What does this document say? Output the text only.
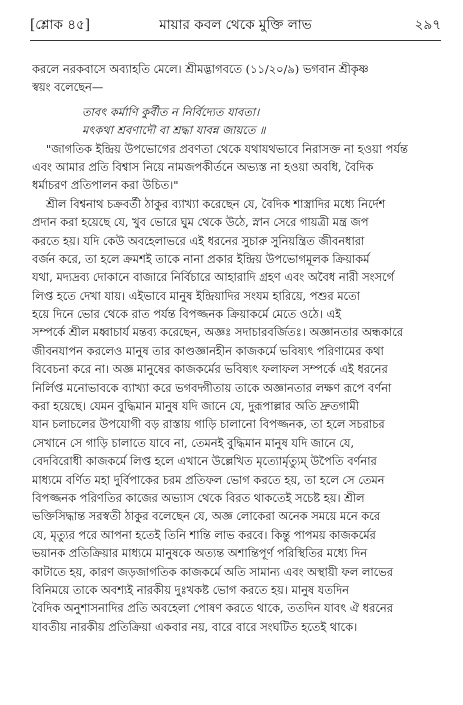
মায়ার কবল থেকে মুক্তি লাভ
[শ্লোক ৪৫]	২৯৭
করলে নরকবাসে অব্যাহতি মেলে। শ্রীমদ্ভাগবতে (১১/২০/৯) ভগবান শ্রীকৃষ্ণ
স্বয়ং বলেছেন—
তাবৎ কর্মাণি কুর্বীত ন নির্বিদ্যেত যাবতা।
মৎকথা শ্রবণাদৌ বা শ্রদ্ধা যাবন্ন জায়তে ॥
"জাগতিক ইন্দ্রিয় উপভোগের প্রবণতা থেকে যথাযথভাবে নিরাসক্ত না হওয়া পর্যন্ত
এবং আমার প্রতি বিশ্বাস নিয়ে নামজপকীর্তনে অভ্যস্ত না হওয়া অবধি, বৈদিক
ধর্মাচরণ প্রতিপালন করা উচিত।"
শ্রীল বিশ্বনাথ চক্রবর্তী ঠাকুর ব্যাখ্যা করেছেন যে, বৈদিক শাস্ত্রাদির মধ্যে নির্দেশ
প্রদান করা হয়েছে যে, খুব ভোরে ঘুম থেকে উঠে, স্নান সেরে গায়ত্রী মন্ত্র জপ
করতে হয়। যদি কেউ অবহেলাভরে এই ধরনের সুচারু সুনিয়ন্ত্রিত জীবনধারা
বর্জন করে, তা হলে ক্রমশই তাকে নানা প্রকার ইন্দ্রিয় উপভোগমূলক ক্রিয়াকর্ম
যথা, মদ্যদ্রব্য দোকানে বাজারে নির্বিচারে আহারাদি গ্রহণ এবং অবৈধ নারী সংসর্গে
লিপ্ত হতে দেখা যায়। এইভাবে মানুষ ইন্দ্রিয়াদির সংযম হারিয়ে, পশুর মতো
হয়ে দিনে ভোর থেকে রাত পর্যন্ত বিপজ্জনক ক্রিয়াকর্মে মেতে ওঠে। এই
সম্পর্কে শ্রীল মধ্বাচার্য মন্তব্য করেছেন, অজ্ঞঃ সদাচারবর্জিতঃ। অজ্ঞানতার অন্ধকারে
জীবনযাপন করলেও মানুষ তার কাণ্ডজ্ঞানহীন কাজকর্মে ভবিষ্যৎ পরিণামের কথা
বিবেচনা করে না। অজ্ঞ মানুষের কাজকর্মের ভবিষ্যৎ ফলাফল সম্পর্কে এই ধরনের
নির্লিপ্ত মনোভাবকে ব্যাখ্যা করে ভগবদ্গীতায় তাকে অজ্ঞানতার লক্ষণ রূপে বর্ণনা
করা হয়েছে। যেমন বুদ্ধিমান মানুষ যদি জানে যে, দুরূপাল্লার অতি দ্রুতগামী
যান চলাচলের উপযোগী বড় রাস্তায় গাড়ি চালানো বিপজ্জনক, তা হলে সচরাচর
সেখানে সে গাড়ি চালাতে যাবে না, তেমনই বুদ্ধিমান মানুষ যদি জানে যে,
বেদবিরোধী কাজকর্মে লিপ্ত হলে এখানে উল্লেখিত মৃত্যোর্মৃত্যুম্ উপৈতি বর্ণনার
মাধ্যমে বর্ণিত মহা দুর্বিপাকের চরম প্রতিফল ভোগ করতে হয়, তা হলে সে তেমন
বিপজ্জনক পরিণতির কাজের অভ্যাস থেকে বিরত থাকতেই সচেষ্ট হয়। শ্রীল
ভক্তিসিদ্ধান্ত সরস্বতী ঠাকুর বলেছেন যে, অজ্ঞ লোকেরা অনেক সময়ে মনে করে
যে, মৃত্যুর পরে আপনা হতেই তিনি শান্তি লাভ করবে। কিন্তু পাপময় কাজকর্মের
ভয়ানক প্রতিক্রিয়ার মাধ্যমে মানুষকে অত্যন্ত অশান্তিপূর্ণ পরিস্থিতির মধ্যে দিন
কাটাতে হয়, কারণ জড়জাগতিক কাজকর্মে অতি সামান্য এবং অস্থায়ী ফল লাভের
বিনিময়ে তাকে অবশ্যই নারকীয় দুঃখকষ্ট ভোগ করতে হয়। মানুষ যতদিন
বৈদিক অনুশাসনাদির প্রতি অবহেলা পোষণ করতে থাকে, ততদিন যাবৎ ঐ ধরনের
যাবতীয় নারকীয় প্রতিক্রিয়া একবার নয়, বারে বারে সংঘটিত হতেই থাকে।
